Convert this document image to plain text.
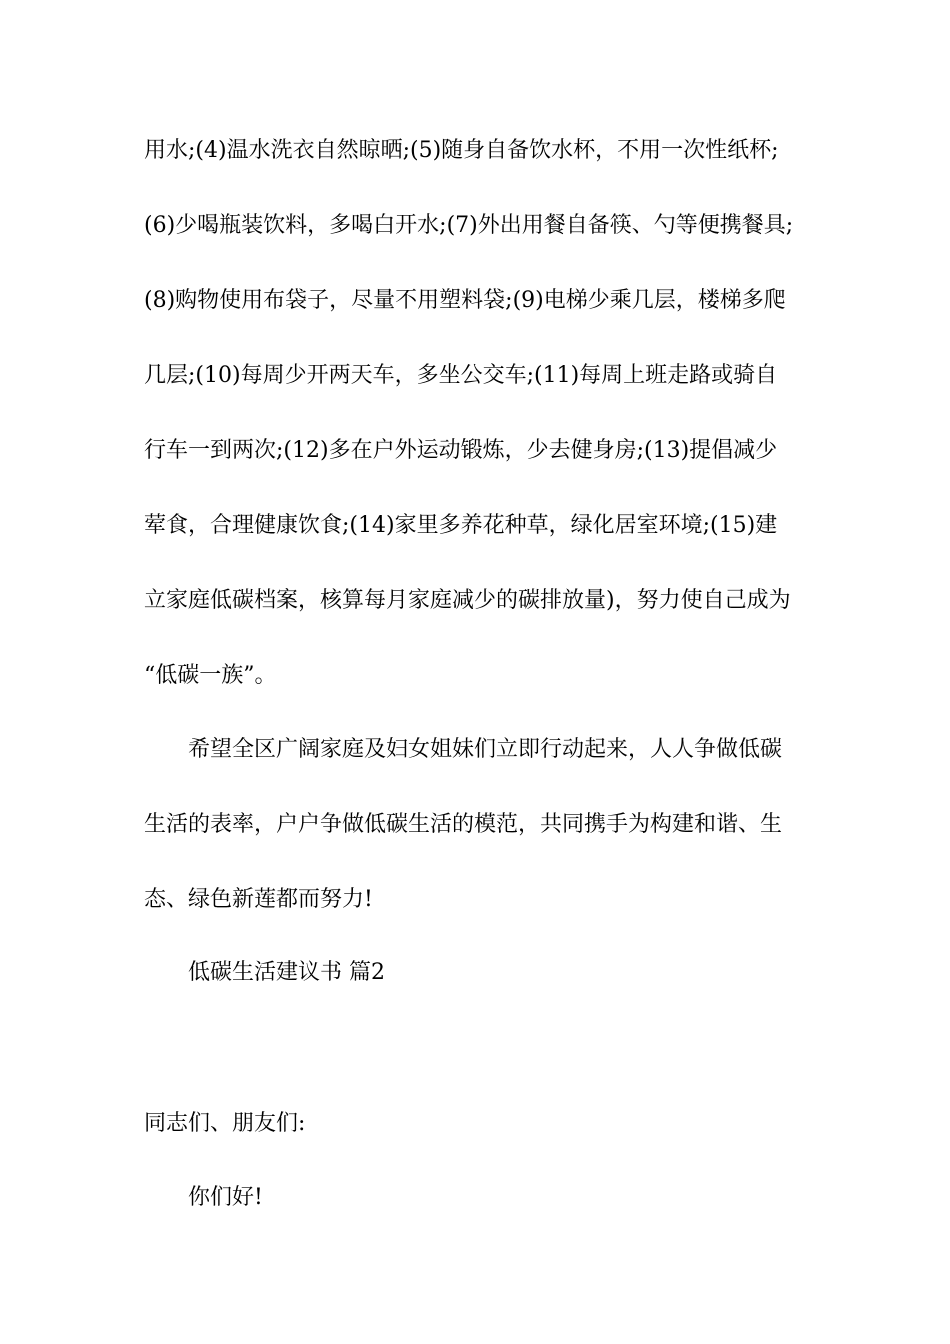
用水;(4)温水洗衣自然晾晒;(5)随身自备饮水杯，不用一次性纸杯;
(6)少喝瓶装饮料，多喝白开水;(7)外出用餐自备筷、勺等便携餐具;
(8)购物使用布袋子，尽量不用塑料袋;(9)电梯少乘几层，楼梯多爬
几层;(10)每周少开两天车，多坐公交车;(11)每周上班走路或骑自
行车一到两次;(12)多在户外运动锻炼，少去健身房;(13)提倡减少
荤食，合理健康饮食;(14)家里多养花种草，绿化居室环境;(15)建
立家庭低碳档案，核算每月家庭减少的碳排放量)，努力使自己成为
“低碳一族”。
希望全区广阔家庭及妇女姐妹们立即行动起来，人人争做低碳
生活的表率，户户争做低碳生活的模范，共同携手为构建和谐、生
态、绿色新莲都而努力!
低碳生活建议书 篇2
同志们、朋友们:
你们好!
